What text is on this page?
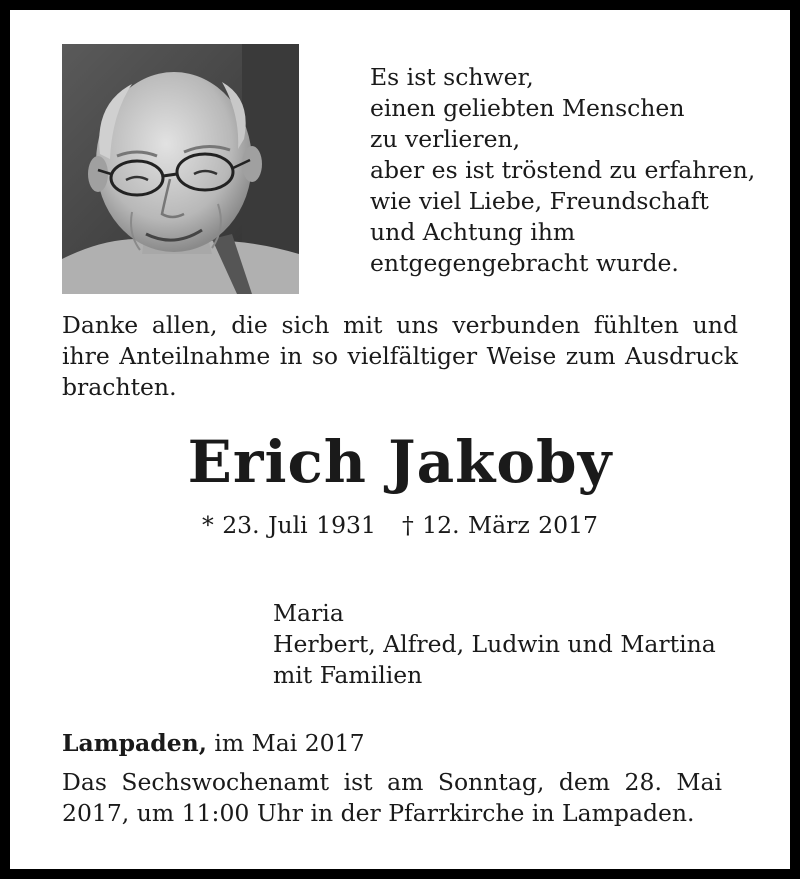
Es ist schwer,
einen geliebten Menschen
zu verlieren,
aber es ist tröstend zu erfahren,
wie viel Liebe, Freundschaft
und Achtung ihm
entgegengebracht wurde.
Danke allen, die sich mit uns verbunden fühlten und
ihre Anteilnahme in so vielfältiger Weise zum Ausdruck
brachten.
Erich Jakoby
* 23. Juli 1931 † 12. März 2017
Maria
Herbert, Alfred, Ludwin und Martina
mit Familien
Lampaden, im Mai 2017
Das Sechswochenamt ist am Sonntag, dem 28. Mai
2017, um 11:00 Uhr in der Pfarrkirche in Lampaden.
